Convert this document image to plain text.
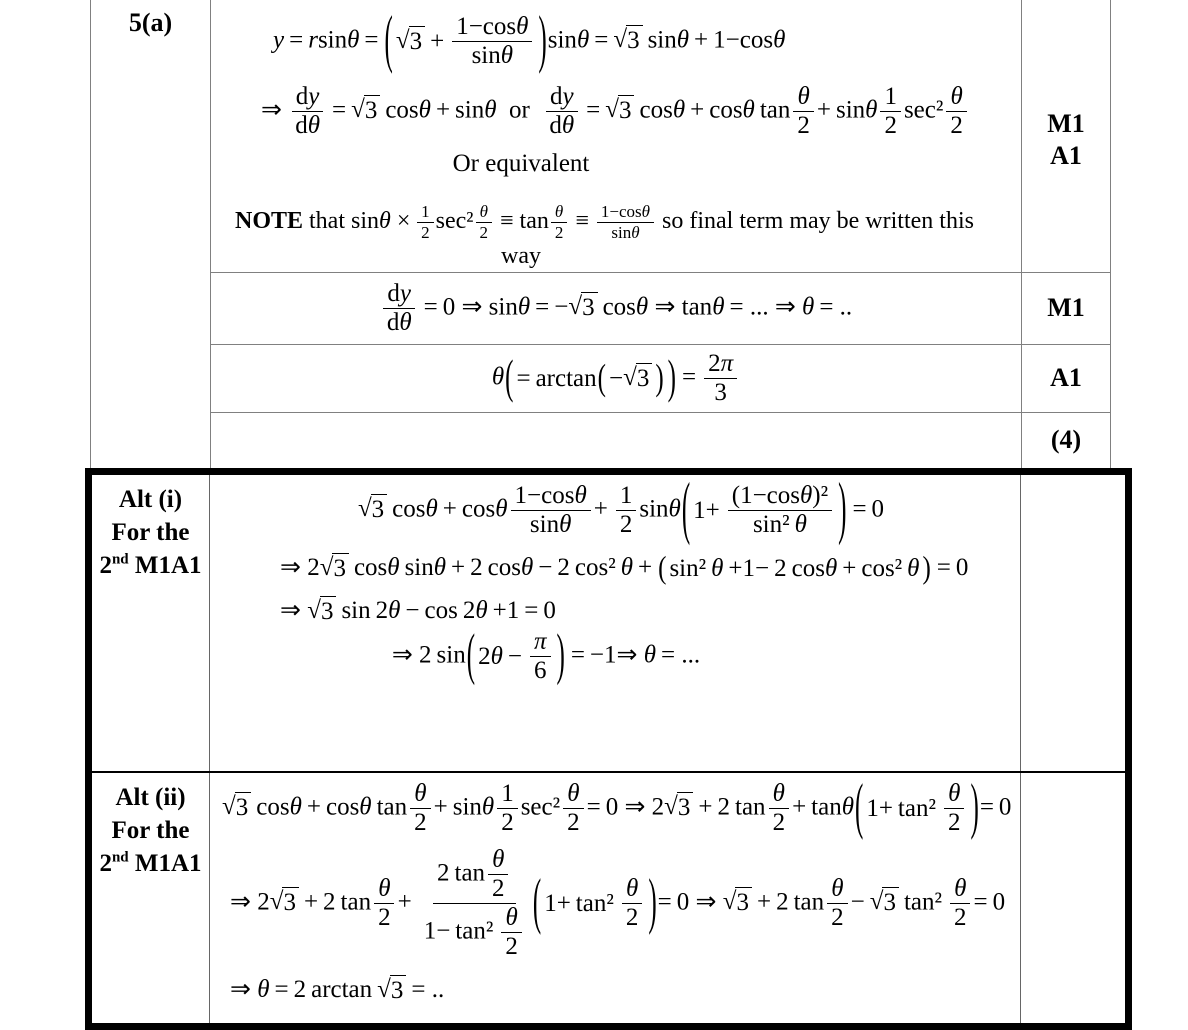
5(a)
y = rsinθ =  ( √ $3 + \frac{1-\cos\theta}{\sin\theta}$ ) sinθ =  √ 3  sinθ + 1−cosθ
⇒ $\frac{dy}{d\theta}$  =  √ 3  cosθ + sinθ  or $\frac{dy}{d\theta}$  =  √ 3  cosθ + cosθ $\tan \frac{\theta}{2} + \sin\theta \frac{1}{2} \sec^2 \frac{\theta}{2}$
Or equivalent
NOTE that $\sin\theta \times \frac{1}{2} \sec^2 \frac{\theta}{2} \equiv \tan \frac{\theta}{2} \equiv \frac{1-\cos\theta}{\sin\theta}$ so final term may be written this
way
M1
A1
$\frac{dy}{d\theta} = 0$ ⇒ sinθ = − √ 3  cosθ ⇒ tanθ = ... ⇒ θ = ..	M1
θ ( = arctan ( − √ 3 ) )  =  $\frac{2\pi}{3}$	A1
(4)
Alt (i)
For the
2nd M1A1
√ 3  cosθ + cosθ $\frac{1-\cos\theta}{\sin\theta} + \frac{1}{2}$ sinθ ( $1+ \frac{\text{(1−cosθ)²}}{\text{sin² θ}}$ )  = 0
⇒ 2 √ 3  cosθ sinθ + 2 cosθ − 2 cos² θ +  ( sin²  θ  +1− 2 cos θ  + cos²  θ )  = 0
⇒ √ 3  sin 2θ − cos 2θ +1 = 0
⇒ 2 sin ( 2 $\theta - \frac{\pi}{6}$ )  = −1⇒ θ = ...
Alt (ii)
For the
2nd M1A1
√ 3  cosθ + cosθ $\tan \frac{\theta}{2} + \sin\theta \frac{1}{2} \sec^2 \frac{\theta}{2} = 0$ ⇒ 2 √ 3  + 2 $\tan \frac{\theta}{2} + \tan\theta$ ( $1+ \tan^2 \frac{\theta}{2}$ ) = 0
⇒ 2 √ 3  + 2 $\tan \frac{\theta}{2} + \frac{2 \tan \frac{\theta}{2}}{1- \tan^2 \frac{\theta}{2}}$ ( $1+ \tan^2 \frac{\theta}{2}$ ) = 0 ⇒ √ 3  + 2 $\tan \frac{\theta}{2}$ −  √ 3  $\tan^2 \frac{\theta}{2} = 0$
⇒ θ = 2 arctan  √ 3  = ..
